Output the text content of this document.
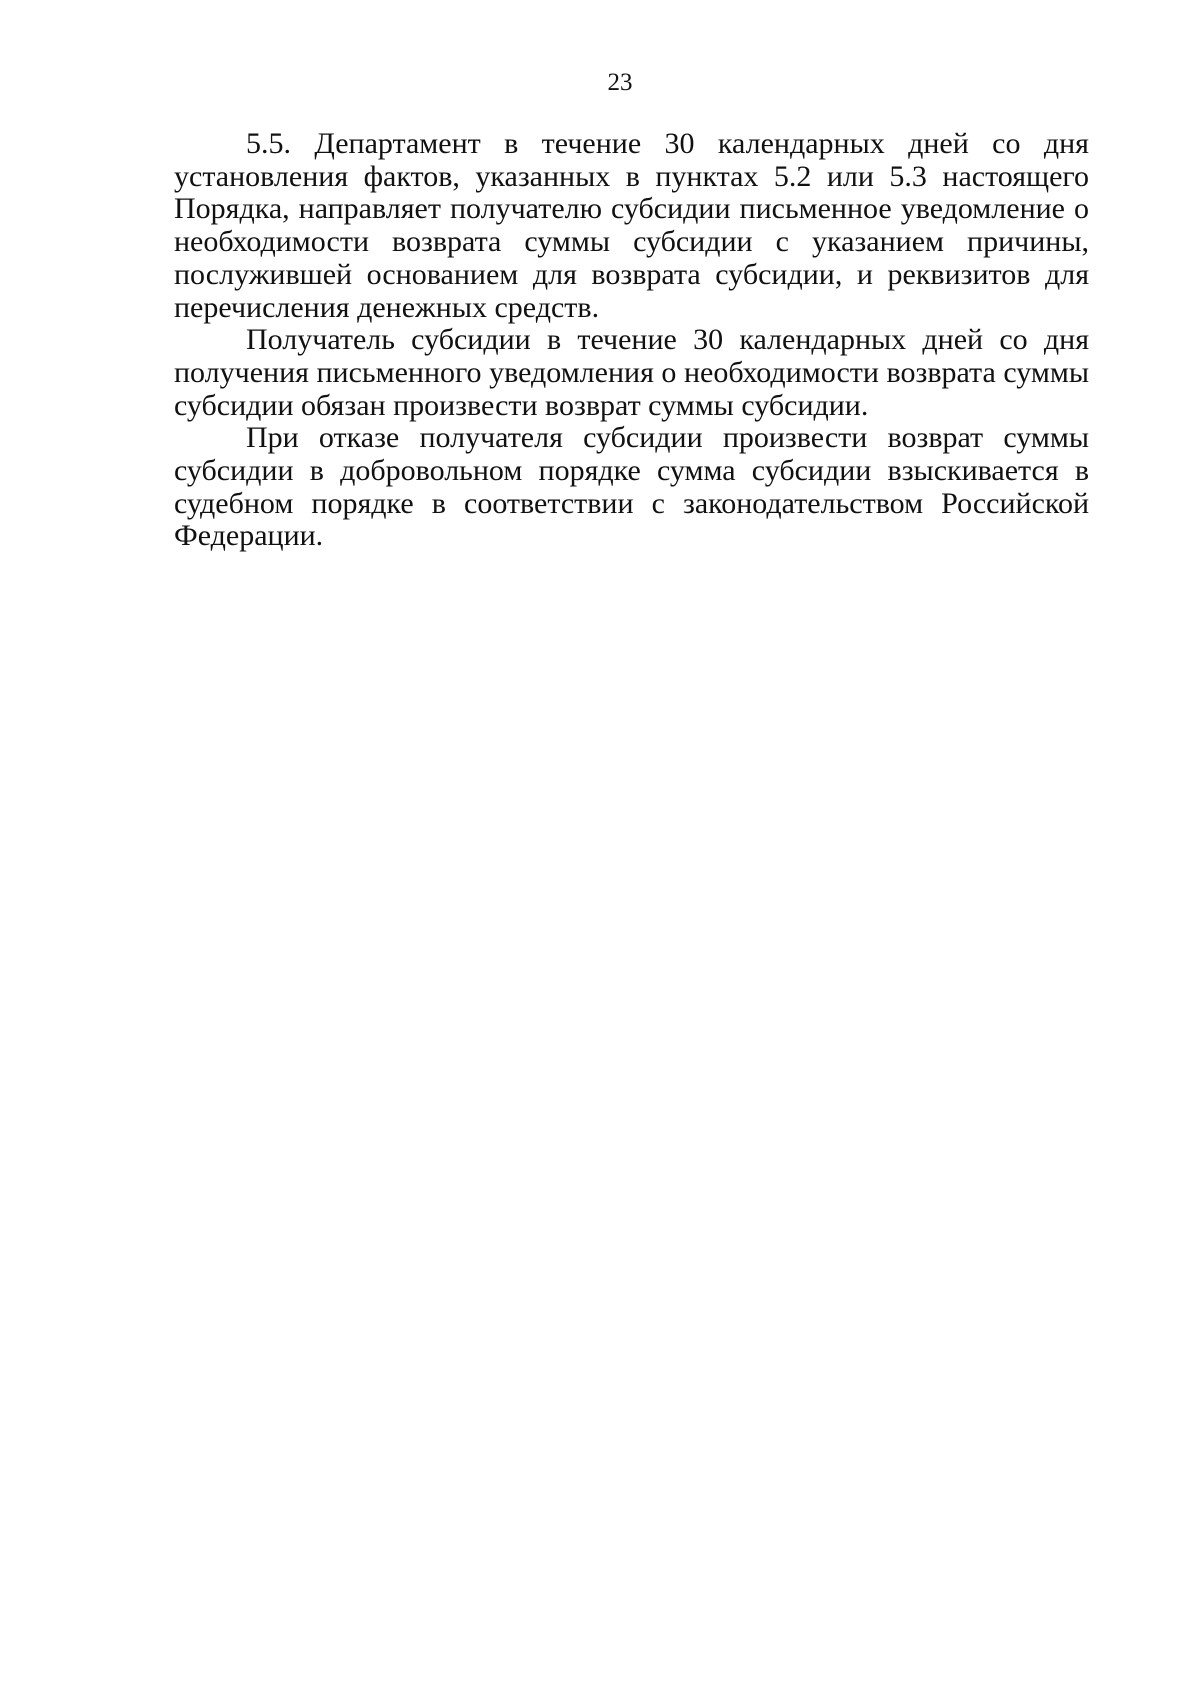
23

5.5. Департамент в течение 30 календарных дней со дня установления фактов, указанных в пунктах 5.2 или 5.3 настоящего Порядка, направляет получателю субсидии письменное уведомление о необходимости возврата суммы субсидии с указанием причины, послужившей основанием для возврата субсидии, и реквизитов для перечисления денежных средств.

Получатель субсидии в течение 30 календарных дней со дня получения письменного уведомления о необходимости возврата суммы субсидии обязан произвести возврат суммы субсидии.

При отказе получателя субсидии произвести возврат суммы субсидии в добровольном порядке сумма субсидии взыскивается в судебном порядке в соответствии с законодательством Российской Федерации.
